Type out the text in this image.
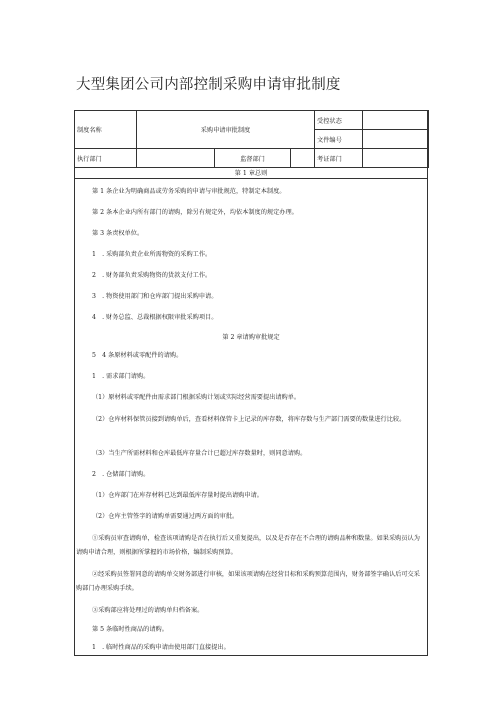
大型集团公司内部控制采购申请审批制度
制度名称	采购申请审批制度			受控状态	
				文件编号	
执行部门		监督部门		考证部门	
第 1 章总则
第 1 条企业为明确商品或劳务采购的申请与审批规范，特制定本制度。
第 2 条本企业内所有部门的请购，除另有规定外，均依本制度的规定办理。
第 3 条责权单位。
1　. 采购部负责企业所需物资的采购工作。
2　. 财务部负责采购物资的货款支付工作。
3　. 物资使用部门和仓库部门提出采购申请。
4　. 财务总监、总裁根据权限审批采购项目。
第 2 章请购审批规定
5　4 条原材料或零配件的请购。
1　. 需求部门请购。
（1）原材料或零配件由需求部门根据采购计划或实际经营需要提出请购单。
（2）仓库材料保管员接到请购单后，查看材料保管卡上记录的库存数，将库存数与生产部门需要的数量进行比较。
（3）当生产所需材料和仓库最低库存量合计已超过库存数量时，则同意请购。
2　. 仓储部门请购。
（1）仓库部门在库存材料已达到最低库存量时提出请购申请。
（2）仓库主管签字的请购单需要通过两方面的审批。
①采购员审查请购单，检查该项请购是否在执行后又重复提出，以及是否存在不合理的请购品种和数量。如果采购员认为请购申请合理，则根据所掌握的市场价格，编制采购预算。
②经采购员签署同意的请购单交财务部进行审核，如果该项请购在经营目标和采购预算范围内，财务部签字确认后可交采购部门办理采购手续。
③采购部应将处理过的请购单归档备案。
第 5 条临时性商品的请购。
1　. 临时性商品的采购申请由使用部门直接提出。
